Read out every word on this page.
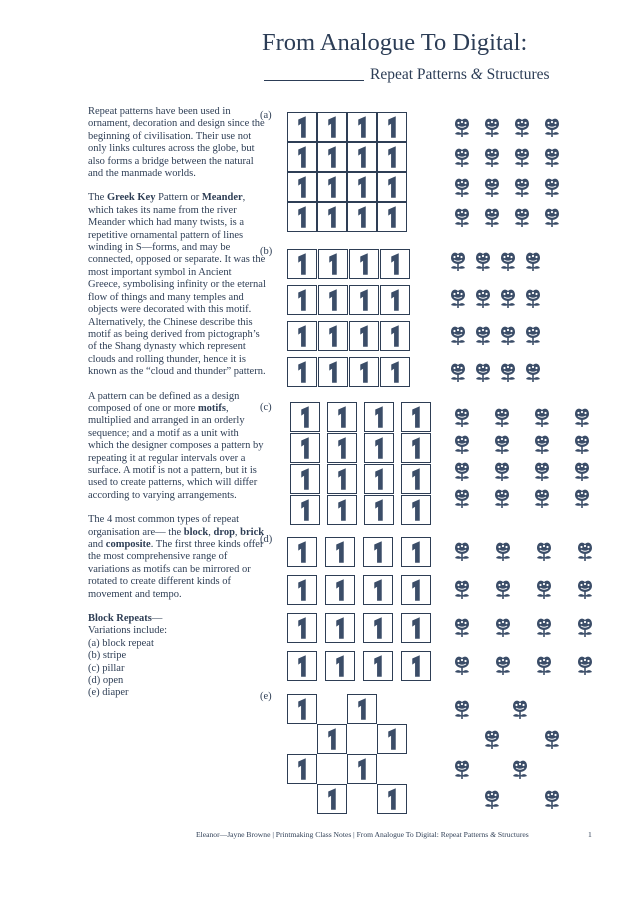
From Analogue To Digital:
Repeat Patterns & Structures

Repeat patterns have been used in ornament, decoration and design since the beginning of civilisation. Their use not only links cultures across the globe, but also forms a bridge between the natural and the manmade worlds.

The Greek Key Pattern or Meander, which takes its name from the river Meander which had many twists, is a repetitive ornamental pattern of lines winding in S—forms, and may be connected, opposed or separate. It was the most important symbol in Ancient Greece, symbolising infinity or the eternal flow of things and many temples and objects were decorated with this motif. Alternatively, the Chinese describe this motif as being derived from pictograph’s of the Shang dynasty which represent clouds and rolling thunder, hence it is known as the “cloud and thunder” pattern.

A pattern can be defined as a design composed of one or more motifs, multiplied and arranged in an orderly sequence; and a motif as a unit with which the designer composes a pattern by repeating it at regular intervals over a surface. A motif is not a pattern, but it is used to create patterns, which will differ according to varying arrangements.

The 4 most common types of repeat organisation are— the block, drop, brick and composite. The first three kinds offer the most comprehensive range of variations as motifs can be mirrored or rotated to create different kinds of movement and tempo.

Block Repeats—

Variations include:
(a) block repeat
(b) stripe
(c) pillar
(d) open
(e) diaper
(a)
(b)
(c)
(d)
(e)
Eleanor—Jayne Browne | Printmaking Class Notes | From Analogue To Digital: Repeat Patterns & Structures	1
